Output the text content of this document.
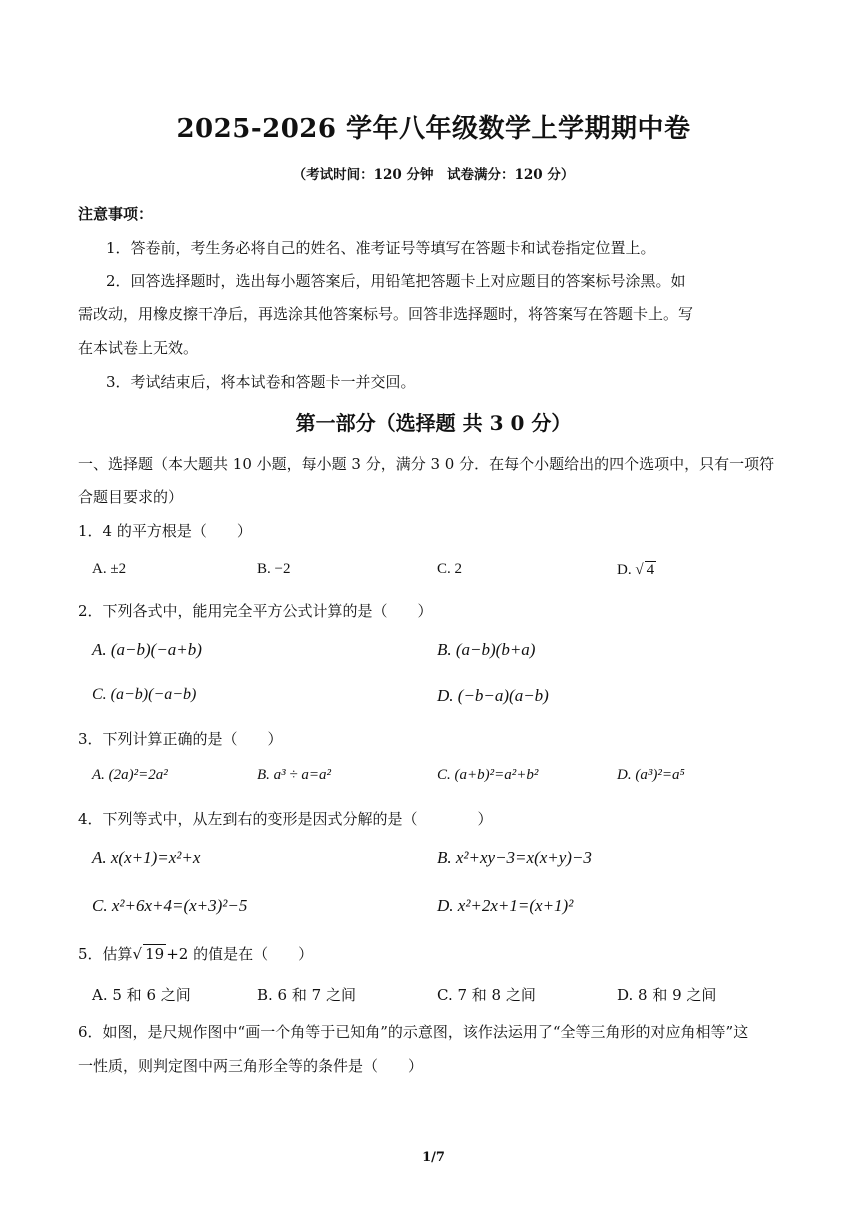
2025-2026 学年八年级数学上学期期中卷
（考试时间：120 分钟　试卷满分：120 分）
注意事项：
1．答卷前，考生务必将自己的姓名、准考证号等填写在答题卡和试卷指定位置上。
2．回答选择题时，选出每小题答案后，用铅笔把答题卡上对应题目的答案标号涂黑。如
需改动，用橡皮擦干净后，再选涂其他答案标号。回答非选择题时，将答案写在答题卡上。写
在本试卷上无效。
3．考试结束后，将本试卷和答题卡一并交回。
第一部分（选择题 共 3 0 分）
一、选择题（本大题共 10 小题，每小题 3 分，满分 3 0 分．在每个小题给出的四个选项中，只有一项符
合题目要求的）
1．4 的平方根是（　　）
A. ±2	B. −2	C. 2	D. √ 4
2．下列各式中，能用完全平方公式计算的是（　　）
A. (a−b)(−a+b)	B. (a−b)(b+a)
C. (a−b)(−a−b)	D. (−b−a)(a−b)
3．下列计算正确的是（　　）
A. (2a)²=2a²	B. a³ ÷ a=a²	C. (a+b)²=a²+b²	D. (a³)²=a⁵
4．下列等式中，从左到右的变形是因式分解的是（　　　　）
A. x(x+1)=x²+x	B. x²+xy−3=x(x+y)−3
C. x²+6x+4=(x+3)²−5	D. x²+2x+1=(x+1)²
5．估算√ 19 +2 的值是在（　　）
A. 5 和 6 之间	B. 6 和 7 之间	C. 7 和 8 之间	D. 8 和 9 之间
6．如图，是尺规作图中“画一个角等于已知角”的示意图，该作法运用了“全等三角形的对应角相等”这
一性质，则判定图中两三角形全等的条件是（　　）
1/7
